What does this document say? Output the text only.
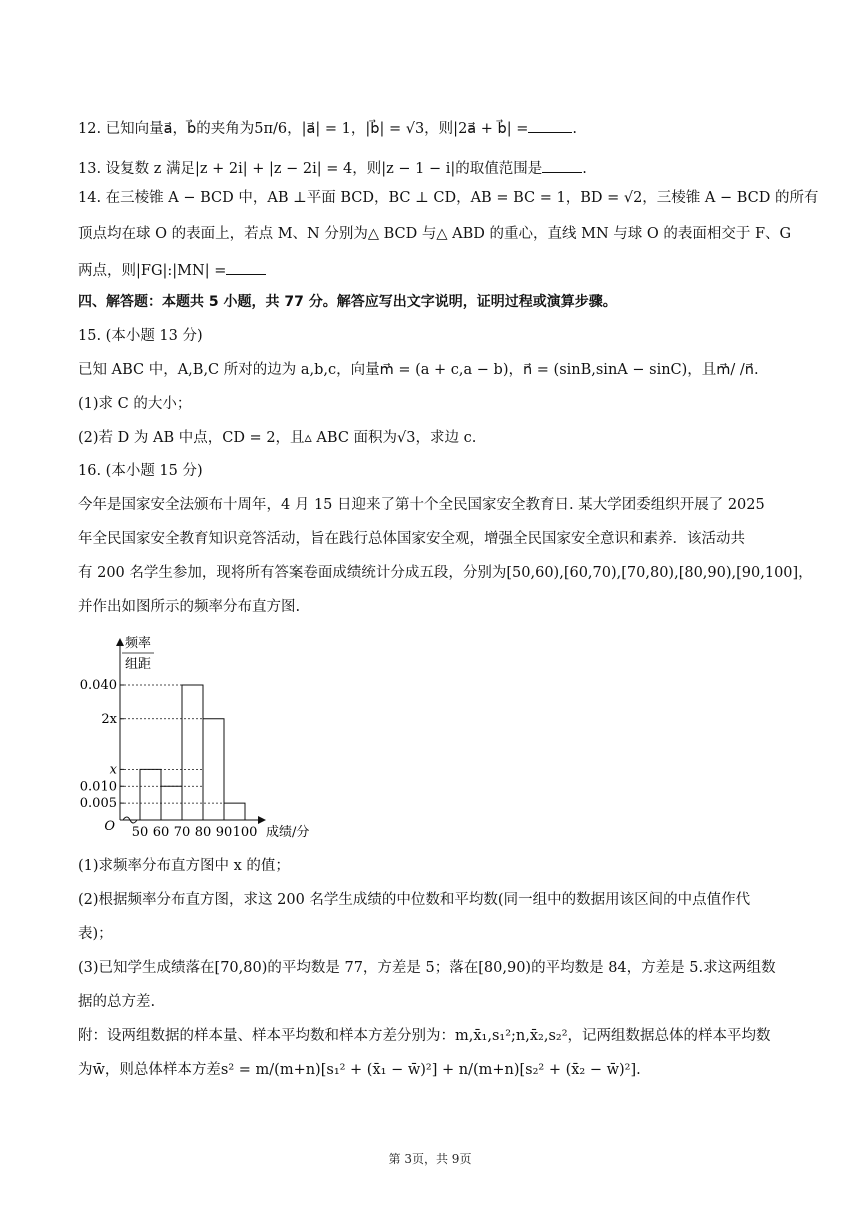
12. 已知向量a⃗，b⃗的夹角为5π/6，|a⃗| = 1，|b⃗| = √3，则|2a⃗ + b⃗| =	.
13. 设复数 z 满足|z + 2i| + |z − 2i| = 4，则|z − 1 − i|的取值范围是	.
14. 在三棱锥 A − BCD 中，AB ⊥平面 BCD，BC ⊥ CD，AB = BC = 1，BD = √2，三棱锥 A − BCD 的所有
顶点均在球 O 的表面上，若点 M、N 分别为△ BCD 与△ ABD 的重心，直线 MN 与球 O 的表面相交于 F、G
两点，则|FG|:|MN| =
四、解答题：本题共 5 小题，共 77 分。解答应写出文字说明，证明过程或演算步骤。
15. (本小题 13 分)
已知 ABC 中，A,B,C 所对的边为 a,b,c，向量m⃗ = (a + c,a − b)，n⃗ = (sinB,sinA − sinC)，且m⃗/ /n⃗.
(1)求 C 的大小；
(2)若 D 为 AB 中点，CD = 2，且▵ ABC 面积为√3，求边 c.
16. (本小题 15 分)
今年是国家安全法颁布十周年，4 月 15 日迎来了第十个全民国家安全教育日. 某大学团委组织开展了 2025
年全民国家安全教育知识竞答活动，旨在践行总体国家安全观，增强全民国家安全意识和素养．该活动共
有 200 名学生参加，现将所有答案卷面成绩统计分成五段，分别为[50,60),[60,70),[70,80),[80,90),[90,100]，
并作出如图所示的频率分布直方图.
0.005
0.010
x
2x
0.040
50 60 70 80 90 100
O	成绩/分
频率
组距
(1)求频率分布直方图中 x 的值；
(2)根据频率分布直方图，求这 200 名学生成绩的中位数和平均数(同一组中的数据用该区间的中点值作代
表)；
(3)已知学生成绩落在[70,80)的平均数是 77，方差是 5；落在[80,90)的平均数是 84，方差是 5.求这两组数
据的总方差.
附：设两组数据的样本量、样本平均数和样本方差分别为：m,x̄₁,s₁²;n,x̄₂,s₂²，记两组数据总体的样本平均数
为w̄，则总体样本方差s² = m/(m+n)[s₁² + (x̄₁ − w̄)²] + n/(m+n)[s₂² + (x̄₂ − w̄)²].
第 3页，共 9页
